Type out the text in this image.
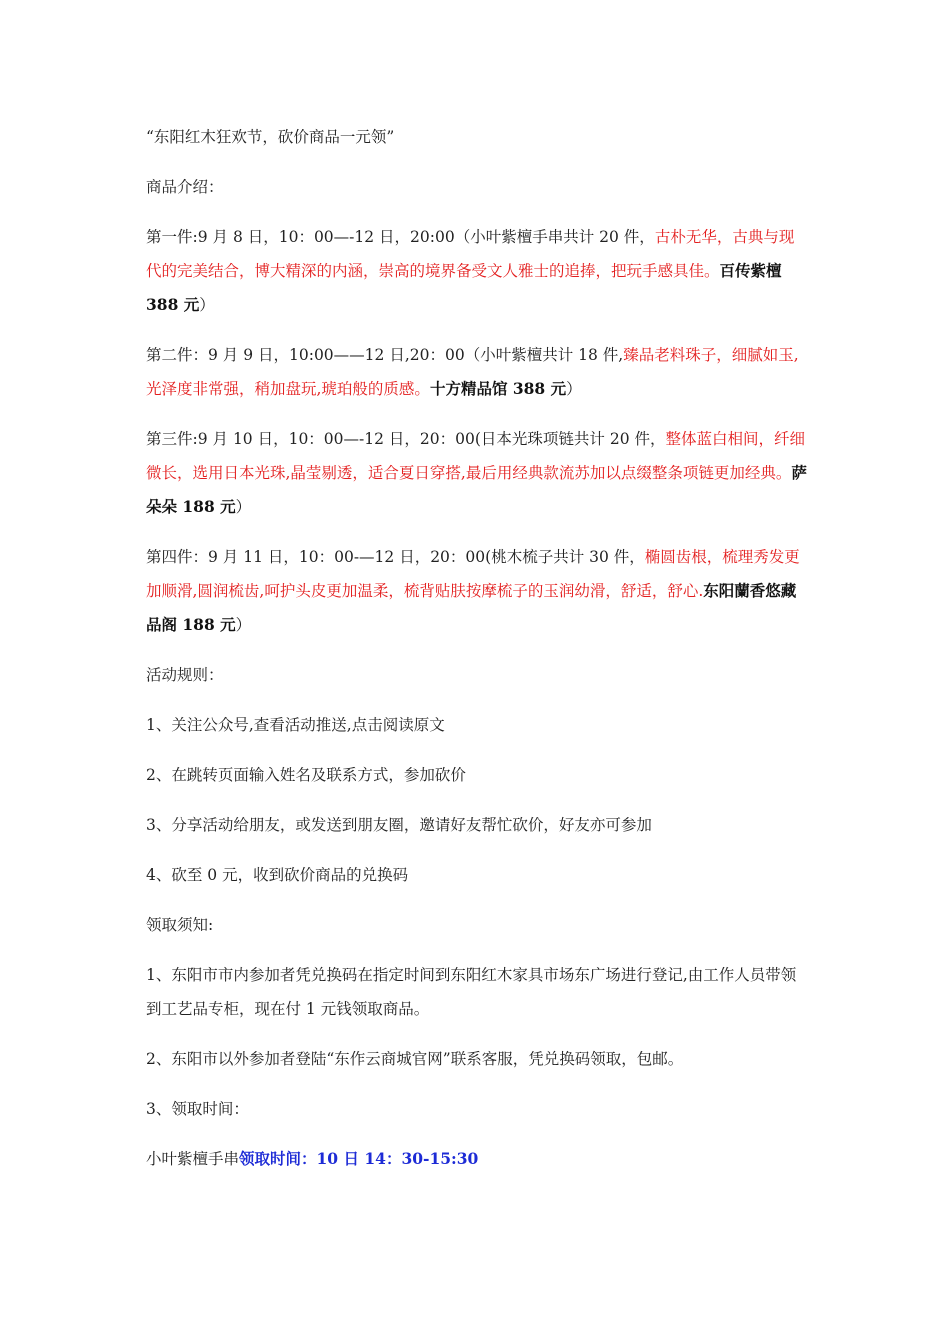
“东阳红木狂欢节，砍价商品一元领”

商品介绍：

第一件:9 月 8 日，10：00—-12 日，20:00（小叶紫檀手串共计 20 件，古朴无华，古典与现代的完美结合，博大精深的内涵，崇高的境界备受文人雅士的追捧，把玩手感具佳。百传紫檀 388 元）

第二件：9 月 9 日，10:00——12 日,20：00（小叶紫檀共计 18 件,臻品老料珠子，细腻如玉,光泽度非常强，稍加盘玩,琥珀般的质感。十方精品馆 388 元）

第三件:9 月 10 日，10：00—-12 日，20：00(日本光珠项链共计 20 件，整体蓝白相间，纤细微长，选用日本光珠,晶莹剔透，适合夏日穿搭,最后用经典款流苏加以点缀整条项链更加经典。萨朵朵 188 元）

第四件：9 月 11 日，10：00-—12 日，20：00(桃木梳子共计 30 件，椭圆齿根，梳理秀发更加顺滑,圆润梳齿,呵护头皮更加温柔，梳背贴肤按摩梳子的玉润幼滑，舒适，舒心.东阳蘭香悠藏品阁 188 元）

活动规则：

1、关注公众号,查看活动推送,点击阅读原文

2、在跳转页面输入姓名及联系方式，参加砍价

3、分享活动给朋友，或发送到朋友圈，邀请好友帮忙砍价，好友亦可参加

4、砍至 0 元，收到砍价商品的兑换码

领取须知:

1、东阳市市内参加者凭兑换码在指定时间到东阳红木家具市场东广场进行登记,由工作人员带领到工艺品专柜，现在付 1 元钱领取商品。

2、东阳市以外参加者登陆“东作云商城官网”联系客服，凭兑换码领取，包邮。

3、领取时间：

小叶紫檀手串领取时间：10 日 14：30-15:30
